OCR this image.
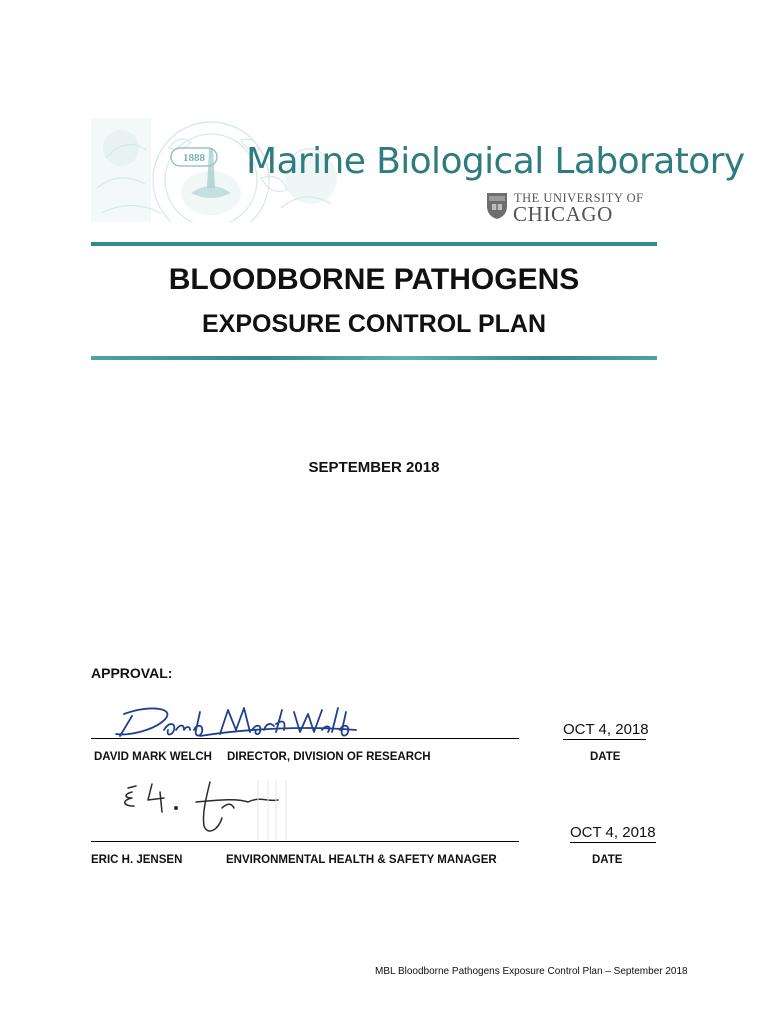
1888 Marine Biological Laboratory
THE UNIVERSITY OF
CHICAGO
BLOODBORNE PATHOGENS
EXPOSURE CONTROL PLAN
SEPTEMBER 2018
APPROVAL:
OCT 4, 2018
DAVID MARK WELCH DIRECTOR, DIVISION OF RESEARCH	DATE
OCT 4, 2018
ERIC H. JENSEN	ENVIRONMENTAL HEALTH & SAFETY MANAGER	DATE
MBL Bloodborne Pathogens Exposure Control Plan – September 2018
